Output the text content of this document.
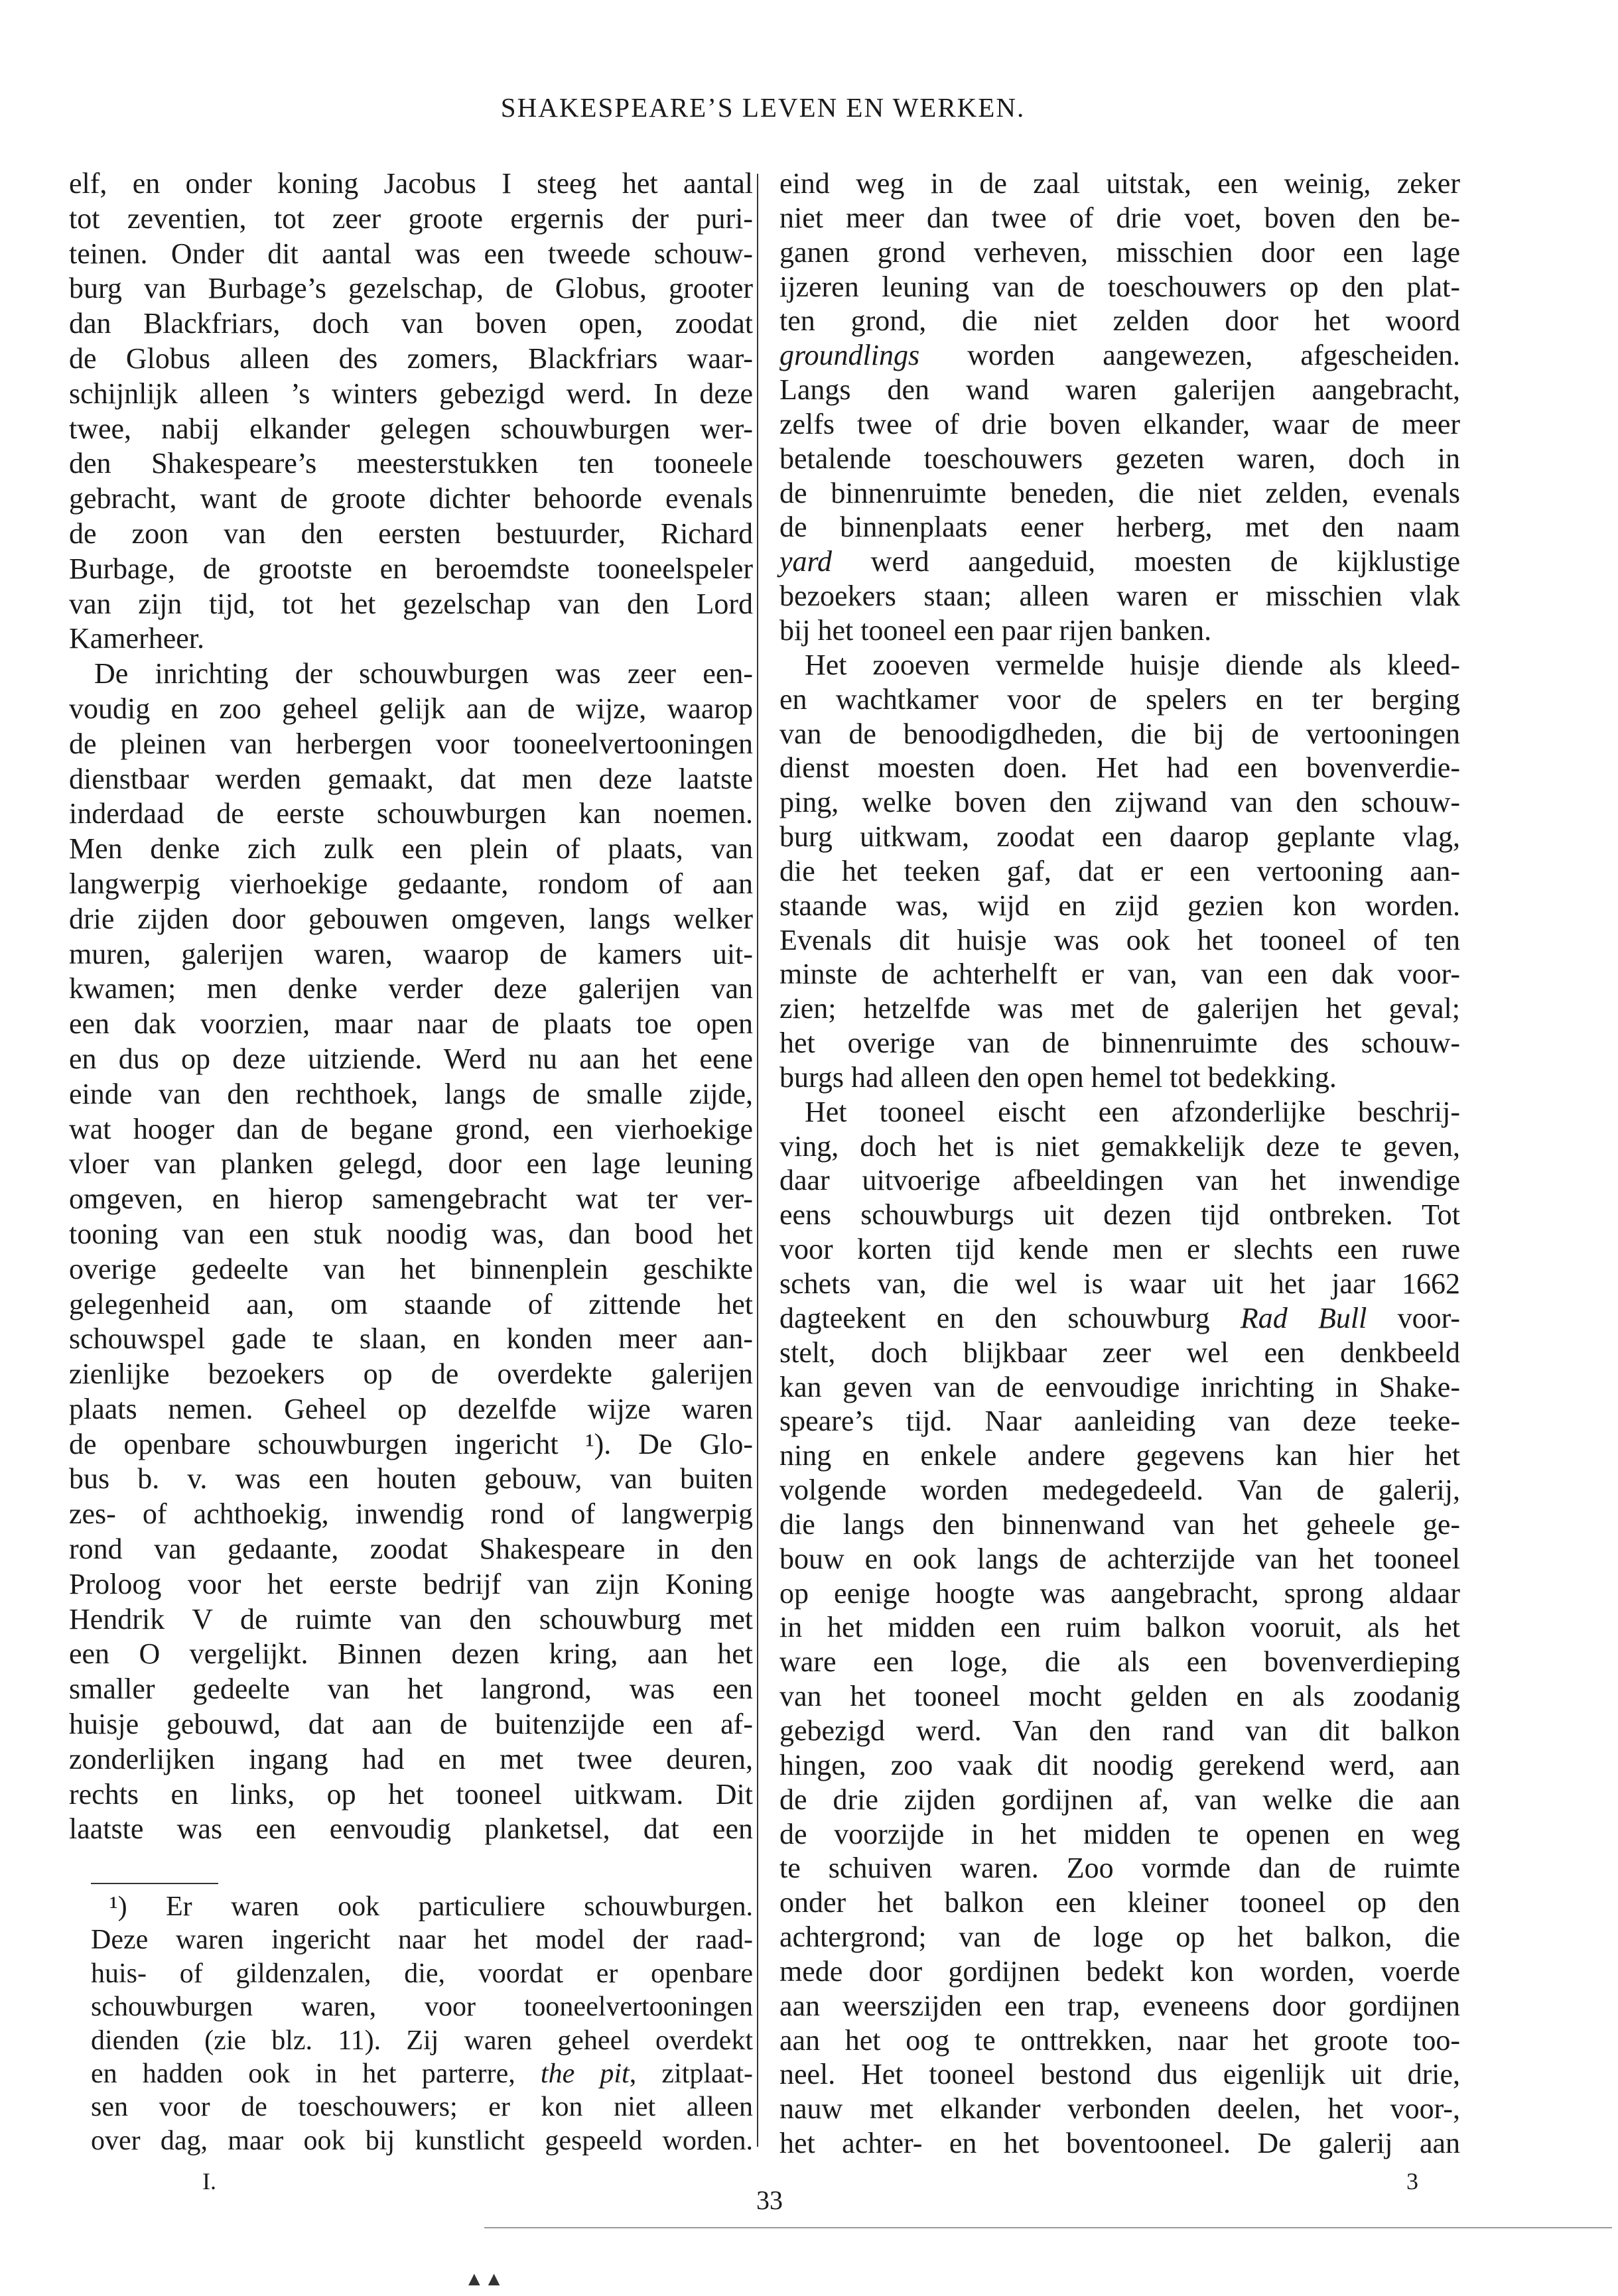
SHAKESPEARE’S LEVEN EN WERKEN.
elf, en onder koning Jacobus I steeg het aantal
tot zeventien, tot zeer groote ergernis der puri-
teinen. Onder dit aantal was een tweede schouw-
burg van Burbage’s gezelschap, de Globus, grooter
dan Blackfriars, doch van boven open, zoodat
de Globus alleen des zomers, Blackfriars waar-
schijnlijk alleen ’s winters gebezigd werd. In deze
twee, nabij elkander gelegen schouwburgen wer-
den Shakespeare’s meesterstukken ten tooneele
gebracht, want de groote dichter behoorde evenals
de zoon van den eersten bestuurder, Richard
Burbage, de grootste en beroemdste tooneelspeler
van zijn tijd, tot het gezelschap van den Lord
Kamerheer.
De inrichting der schouwburgen was zeer een-
voudig en zoo geheel gelijk aan de wijze, waarop
de pleinen van herbergen voor tooneelvertooningen
dienstbaar werden gemaakt, dat men deze laatste
inderdaad de eerste schouwburgen kan noemen.
Men denke zich zulk een plein of plaats, van
langwerpig vierhoekige gedaante, rondom of aan
drie zijden door gebouwen omgeven, langs welker
muren, galerijen waren, waarop de kamers uit-
kwamen; men denke verder deze galerijen van
een dak voorzien, maar naar de plaats toe open
en dus op deze uitziende. Werd nu aan het eene
einde van den rechthoek, langs de smalle zijde,
wat hooger dan de begane grond, een vierhoekige
vloer van planken gelegd, door een lage leuning
omgeven, en hierop samengebracht wat ter ver-
tooning van een stuk noodig was, dan bood het
overige gedeelte van het binnenplein geschikte
gelegenheid aan, om staande of zittende het
schouwspel gade te slaan, en konden meer aan-
zienlijke bezoekers op de overdekte galerijen
plaats nemen. Geheel op dezelfde wijze waren
de openbare schouwburgen ingericht ¹). De Glo-
bus b. v. was een houten gebouw, van buiten
zes- of achthoekig, inwendig rond of langwerpig
rond van gedaante, zoodat Shakespeare in den
Proloog voor het eerste bedrijf van zijn Koning
Hendrik V de ruimte van den schouwburg met
een O vergelijkt. Binnen dezen kring, aan het
smaller gedeelte van het langrond, was een
huisje gebouwd, dat aan de buitenzijde een af-
zonderlijken ingang had en met twee deuren,
rechts en links, op het tooneel uitkwam. Dit
laatste was een eenvoudig planketsel, dat een
eind weg in de zaal uitstak, een weinig, zeker
niet meer dan twee of drie voet, boven den be-
ganen grond verheven, misschien door een lage
ijzeren leuning van de toeschouwers op den plat-
ten grond, die niet zelden door het woord
groundlings worden aangewezen, afgescheiden.
Langs den wand waren galerijen aangebracht,
zelfs twee of drie boven elkander, waar de meer
betalende toeschouwers gezeten waren, doch in
de binnenruimte beneden, die niet zelden, evenals
de binnenplaats eener herberg, met den naam
yard werd aangeduid, moesten de kijklustige
bezoekers staan; alleen waren er misschien vlak
bij het tooneel een paar rijen banken.
Het zooeven vermelde huisje diende als kleed-
en wachtkamer voor de spelers en ter berging
van de benoodigdheden, die bij de vertooningen
dienst moesten doen. Het had een bovenverdie-
ping, welke boven den zijwand van den schouw-
burg uitkwam, zoodat een daarop geplante vlag,
die het teeken gaf, dat er een vertooning aan-
staande was, wijd en zijd gezien kon worden.
Evenals dit huisje was ook het tooneel of ten
minste de achterhelft er van, van een dak voor-
zien; hetzelfde was met de galerijen het geval;
het overige van de binnenruimte des schouw-
burgs had alleen den open hemel tot bedekking.
Het tooneel eischt een afzonderlijke beschrij-
ving, doch het is niet gemakkelijk deze te geven,
daar uitvoerige afbeeldingen van het inwendige
eens schouwburgs uit dezen tijd ontbreken. Tot
voor korten tijd kende men er slechts een ruwe
schets van, die wel is waar uit het jaar 1662
dagteekent en den schouwburg Rad Bull voor-
stelt, doch blijkbaar zeer wel een denkbeeld
kan geven van de eenvoudige inrichting in Shake-
speare’s tijd. Naar aanleiding van deze teeke-
ning en enkele andere gegevens kan hier het
volgende worden medegedeeld. Van de galerij,
die langs den binnenwand van het geheele ge-
bouw en ook langs de achterzijde van het tooneel
op eenige hoogte was aangebracht, sprong aldaar
in het midden een ruim balkon vooruit, als het
ware een loge, die als een bovenverdieping
van het tooneel mocht gelden en als zoodanig
gebezigd werd. Van den rand van dit balkon
hingen, zoo vaak dit noodig gerekend werd, aan
de drie zijden gordijnen af, van welke die aan
de voorzijde in het midden te openen en weg
te schuiven waren. Zoo vormde dan de ruimte
onder het balkon een kleiner tooneel op den
achtergrond; van de loge op het balkon, die
mede door gordijnen bedekt kon worden, voerde
aan weerszijden een trap, eveneens door gordijnen
aan het oog te onttrekken, naar het groote too-
neel. Het tooneel bestond dus eigenlijk uit drie,
nauw met elkander verbonden deelen, het voor-,
het achter- en het boventooneel. De galerij aan
¹) Er waren ook particuliere schouwburgen.
Deze waren ingericht naar het model der raad-
huis- of gildenzalen, die, voordat er openbare
schouwburgen waren, voor tooneelvertooningen
dienden (zie blz. 11). Zij waren geheel overdekt
en hadden ook in het parterre, the pit, zitplaat-
sen voor de toeschouwers; er kon niet alleen
over dag, maar ook bij kunstlicht gespeeld worden.
I.
33
3
▲▲
